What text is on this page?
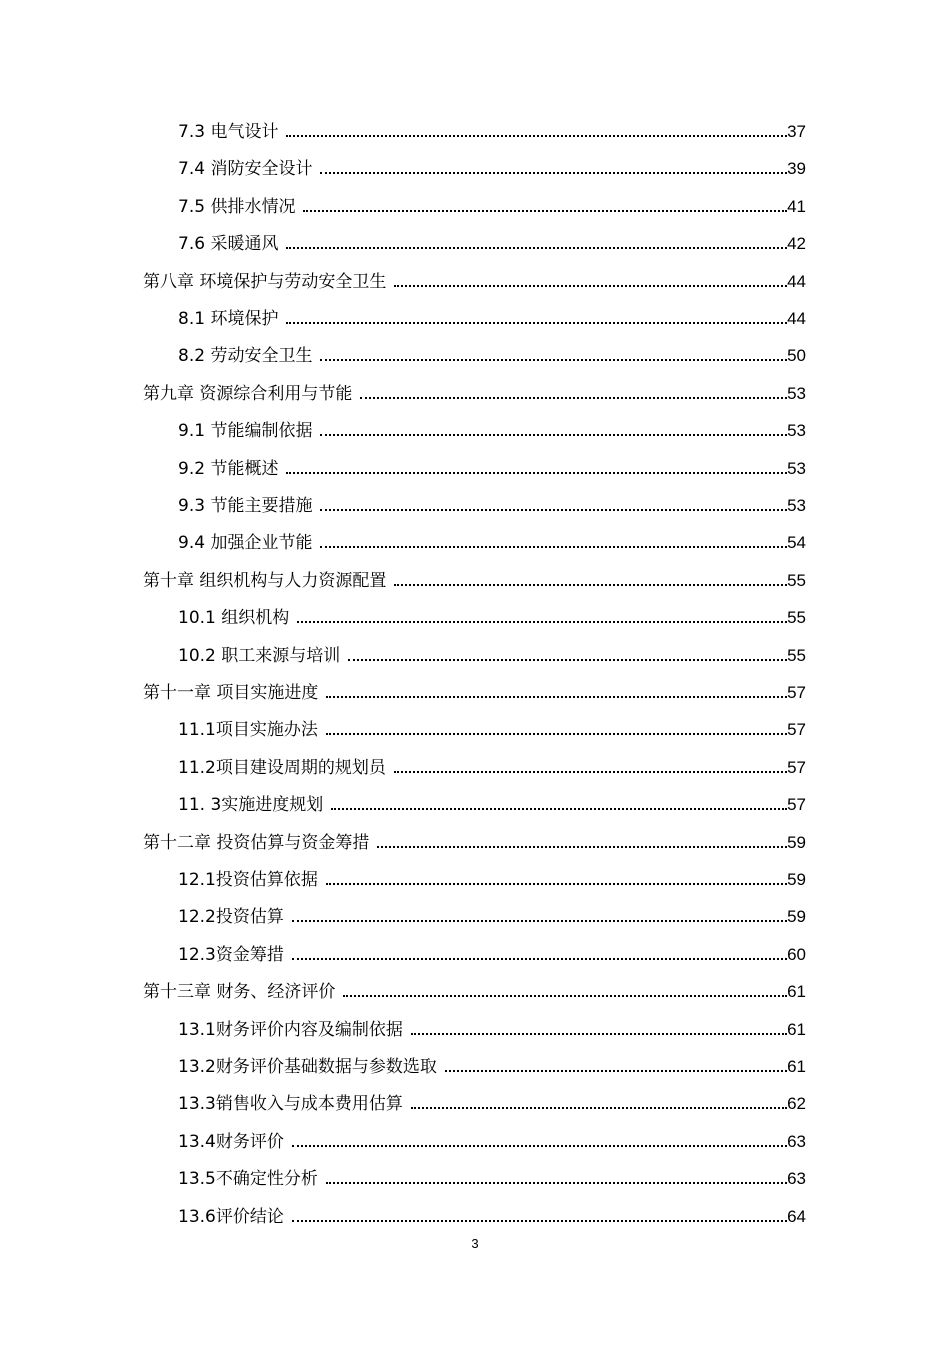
7.3 电气设计	37
7.4 消防安全设计	39
7.5 供排水情况	41
7.6 采暖通风	42
第八章 环境保护与劳动安全卫生	44
8.1 环境保护	44
8.2 劳动安全卫生	50
第九章 资源综合利用与节能	53
9.1 节能编制依据	53
9.2 节能概述	53
9.3 节能主要措施	53
9.4 加强企业节能	54
第十章 组织机构与人力资源配置	55
10.1 组织机构	55
10.2 职工来源与培训	55
第十一章 项目实施进度	57
11.1项目实施办法	57
11.2项目建设周期的规划员	57
11. 3实施进度规划	57
第十二章 投资估算与资金筹措	59
12.1投资估算依据	59
12.2投资估算	59
12.3资金筹措	60
第十三章 财务、经济评价	61
13.1财务评价内容及编制依据	61
13.2财务评价基础数据与参数选取	61
13.3销售收入与成本费用估算	62
13.4财务评价	63
13.5不确定性分析	63
13.6评价结论	64
3
